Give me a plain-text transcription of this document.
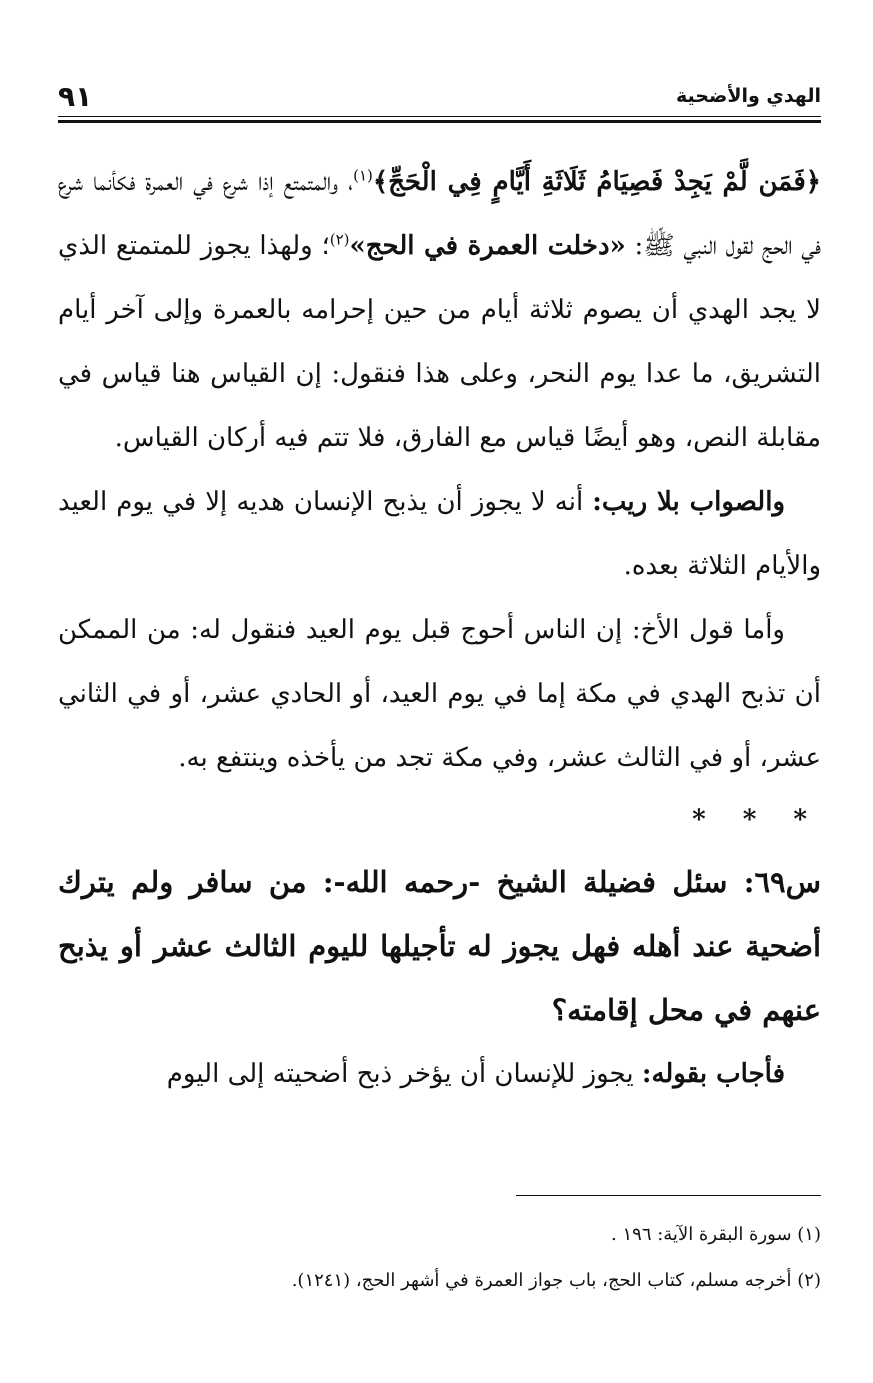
الهدي والأضحية
٩١

﴿فَمَن لَّمْ يَجِدْ فَصِيَامُ ثَلَاثَةِ أَيَّامٍ فِي الْحَجِّ﴾$^{(١)}$، والمتمتع إذا شرع في العمرة فكأنما شرع في الحج لقول النبي ﷺ: «دخلت العمرة في الحج»$^{(٢)}$؛ ولهذا يجوز للمتمتع الذي لا يجد الهدي أن يصوم ثلاثة أيام من حين إحرامه بالعمرة وإلى آخر أيام التشريق، ما عدا يوم النحر، وعلى هذا فنقول: إن القياس هنا قياس في مقابلة النص، وهو أيضًا قياس مع الفارق، فلا تتم فيه أركان القياس.

والصواب بلا ريب: أنه لا يجوز أن يذبح الإنسان هديه إلا في يوم العيد والأيام الثلاثة بعده.

وأما قول الأخ: إن الناس أحوج قبل يوم العيد فنقول له: من الممكن أن تذبح الهدي في مكة إما في يوم العيد، أو الحادي عشر، أو في الثاني عشر، أو في الثالث عشر، وفي مكة تجد من يأخذه وينتفع به.

* * *

س٦٩: سئل فضيلة الشيخ -رحمه الله-: من سافر ولم يترك أضحية عند أهله فهل يجوز له تأجيلها لليوم الثالث عشر أو يذبح عنهم في محل إقامته؟

فأجاب بقوله: يجوز للإنسان أن يؤخر ذبح أضحيته إلى اليوم

(١) سورة البقرة الآية: ١٩٦ .

(٢) أخرجه مسلم، كتاب الحج، باب جواز العمرة في أشهر الحج، (١٢٤١).
